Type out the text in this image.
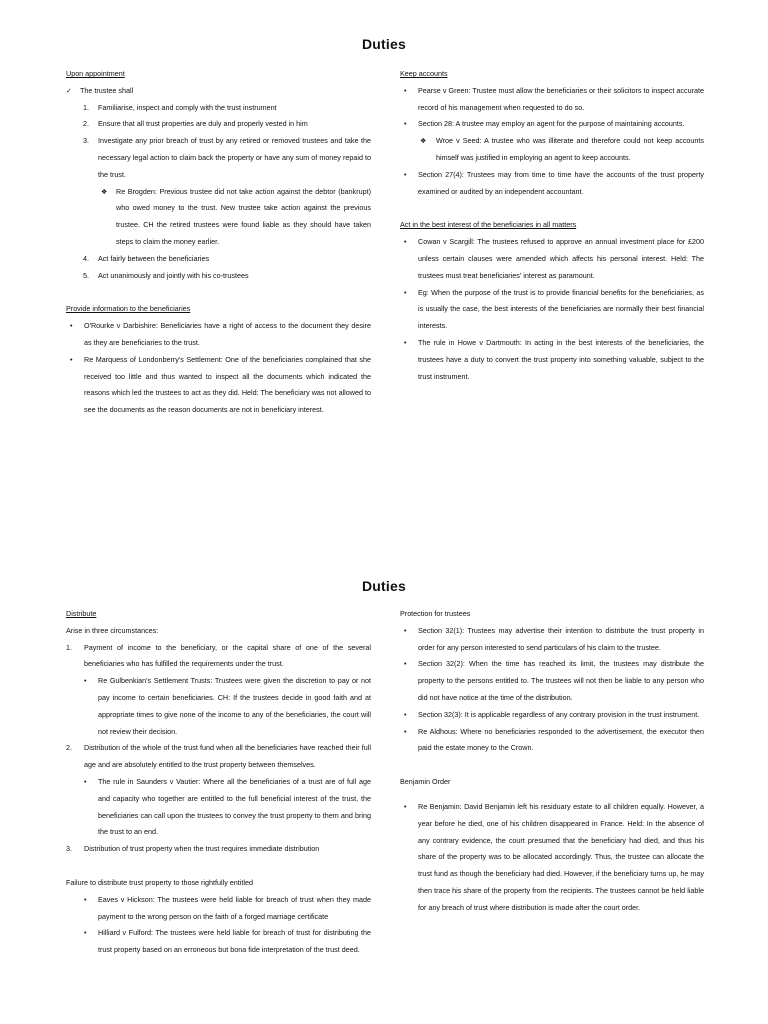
Duties
Upon appointment
✓ The trustee shall
1. Familiarise, inspect and comply with the trust instrument
2. Ensure that all trust properties are duly and properly vested in him
3. Investigate any prior breach of trust by any retired or removed trustees and take the necessary legal action to claim back the property or have any sum of money repaid to the trust.
❖ Re Brogden: Previous trustee did not take action against the debtor (bankrupt) who owed money to the trust. New trustee take action against the previous trustee. CH the retired trustees were found liable as they should have taken steps to claim the money earlier.
4. Act fairly between the beneficiaries
5. Act unanimously and jointly with his co-trustees
Provide information to the beneficiaries
• O'Rourke v Darbishire: Beneficiaries have a right of access to the document they desire as they are beneficiaries to the trust.
• Re Marquess of Londonberry's Settlement: One of the beneficiaries complained that she received too little and thus wanted to inspect all the documents which indicated the reasons which led the trustees to act as they did. Held: The beneficiary was not allowed to see the documents as the reason documents are not in beneficiary interest.
Keep accounts
• Pearse v Green: Trustee must allow the beneficiaries or their solicitors to inspect accurate record of his management when requested to do so.
• Section 28: A trustee may employ an agent for the purpose of maintaining accounts.
❖ Wroe v Seed: A trustee who was illiterate and therefore could not keep accounts himself was justified in employing an agent to keep accounts.
• Section 27(4): Trustees may from time to time have the accounts of the trust property examined or audited by an independent accountant.
Act in the best interest of the beneficiaries in all matters
• Cowan v Scargill: The trustees refused to approve an annual investment place for £200 unless certain clauses were amended which affects his personal interest. Held: The trustees must treat beneficiaries' interest as paramount.
• Eg: When the purpose of the trust is to provide financial benefits for the beneficiaries, as is usually the case, the best interests of the beneficiaries are normally their best financial interests.
• The rule in Howe v Dartmouth: In acting in the best interests of the beneficiaries, the trustees have a duty to convert the trust property into something valuable, subject to the trust instrument.
Duties
Distribute
Arise in three circumstances:
1. Payment of income to the beneficiary, or the capital share of one of the several beneficiaries who has fulfilled the requirements under the trust.
• Re Gulbenkian's Settlement Trusts: Trustees were given the discretion to pay or not pay income to certain beneficiaries. CH: If the trustees decide in good faith and at appropriate times to give none of the income to any of the beneficiaries, the court will not review their decision.
2. Distribution of the whole of the trust fund when all the beneficiaries have reached their full age and are absolutely entitled to the trust property between themselves.
• The rule in Saunders v Vautier: Where all the beneficiaries of a trust are of full age and capacity who together are entitled to the full beneficial interest of the trust, the beneficiaries can call upon the trustees to convey the trust property to them and bring the trust to an end.
3. Distribution of trust property when the trust requires immediate distribution
Failure to distribute trust property to those rightfully entitled
• Eaves v Hickson: The trustees were held liable for breach of trust when they made payment to the wrong person on the faith of a forged marriage certificate
• Hilliard v Fulford: The trustees were held liable for breach of trust for distributing the trust property based on an erroneous but bona fide interpretation of the trust deed.
Protection for trustees
• Section 32(1): Trustees may advertise their intention to distribute the trust property in order for any person interested to send particulars of his claim to the trustee.
• Section 32(2): When the time has reached its limit, the trustees may distribute the property to the persons entitled to. The trustees will not then be liable to any person who did not have notice at the time of the distribution.
• Section 32(3): It is applicable regardless of any contrary provision in the trust instrument.
• Re Aldhous: Where no beneficiaries responded to the advertisement, the executor then paid the estate money to the Crown.
Benjamin Order
• Re Benjamin: David Benjamin left his residuary estate to all children equally. However, a year before he died, one of his children disappeared in France. Held: In the absence of any contrary evidence, the court presumed that the beneficiary had died, and thus his share of the property was to be allocated accordingly. Thus, the trustee can allocate the trust fund as though the beneficiary had died. However, if the beneficiary turns up, he may then trace his share of the property from the recipients. The trustees cannot be held liable for any breach of trust where distribution is made after the court order.
